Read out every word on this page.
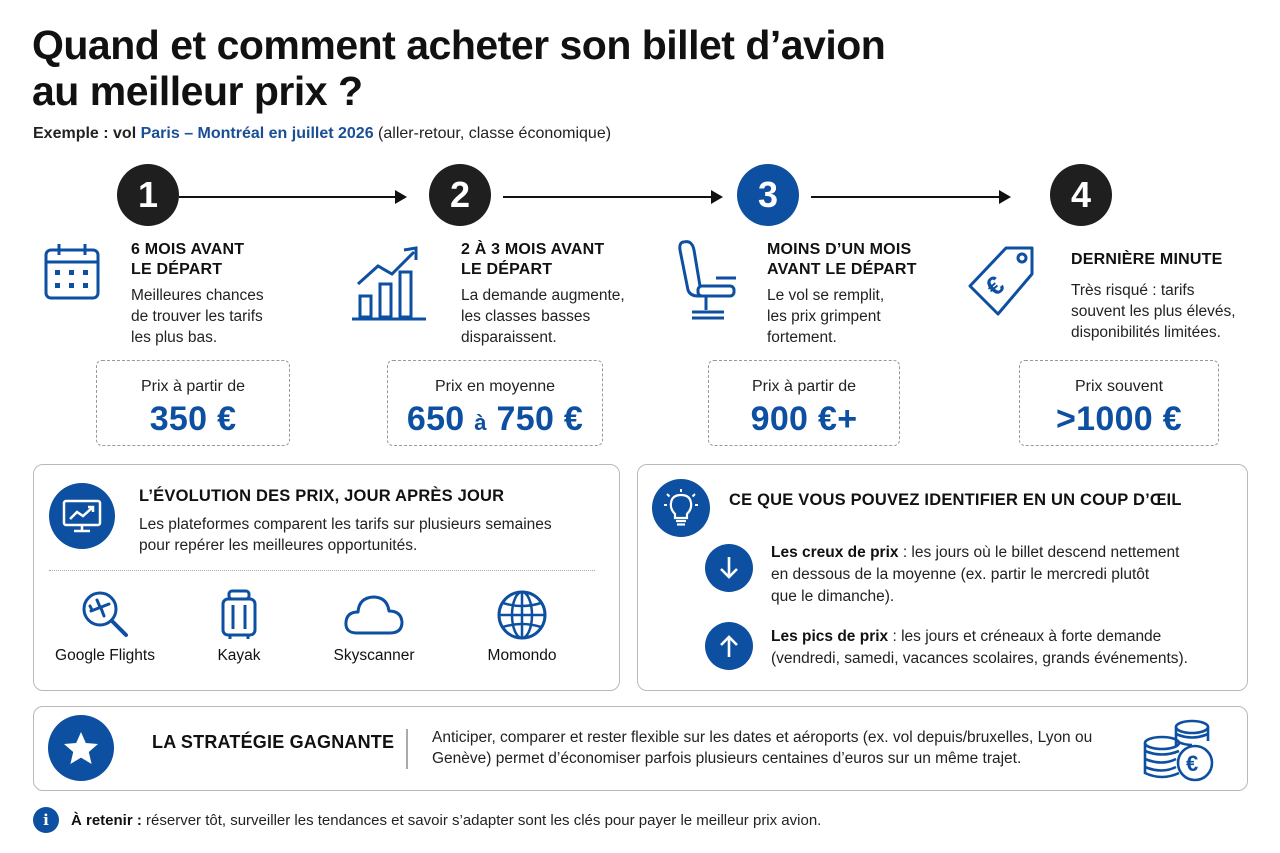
Quand et comment acheter son billet d’avion
au meilleur prix ?
Exemple : vol Paris – Montréal en juillet 2026 (aller-retour, classe économique)
1	2	3	4
6 MOIS AVANT
LE DÉPART
Meilleures chances
de trouver les tarifs
les plus bas.
Prix à partir de
350 €
2 À 3 MOIS AVANT
LE DÉPART
La demande augmente,
les classes basses
disparaissent.
Prix en moyenne
650 à 750 €
MOINS D’UN MOIS
AVANT LE DÉPART
Le vol se remplit,
les prix grimpent
fortement.
Prix à partir de
900 €+
€
DERNIÈRE MINUTE
Très risqué : tarifs
souvent les plus élevés,
disponibilités limitées.
Prix souvent
>1000 €
L’ÉVOLUTION DES PRIX, JOUR APRÈS JOUR
Les plateformes comparent les tarifs sur plusieurs semaines
pour repérer les meilleures opportunités.
Google Flights	Kayak	Skyscanner	Momondo
CE QUE VOUS POUVEZ IDENTIFIER EN UN COUP D’ŒIL
Les creux de prix : les jours où le billet descend nettement
en dessous de la moyenne (ex. partir le mercredi plutôt
que le dimanche).
Les pics de prix : les jours et créneaux à forte demande
(vendredi, samedi, vacances scolaires, grands événements).
LA STRATÉGIE GAGNANTE Anticiper, comparer et rester flexible sur les dates et aéroports (ex. vol depuis/bruxelles, Lyon ou
Genève) permet d’économiser parfois plusieurs centaines d’euros sur un même trajet.	€
i	À retenir : réserver tôt, surveiller les tendances et savoir s’adapter sont les clés pour payer le meilleur prix avion.
